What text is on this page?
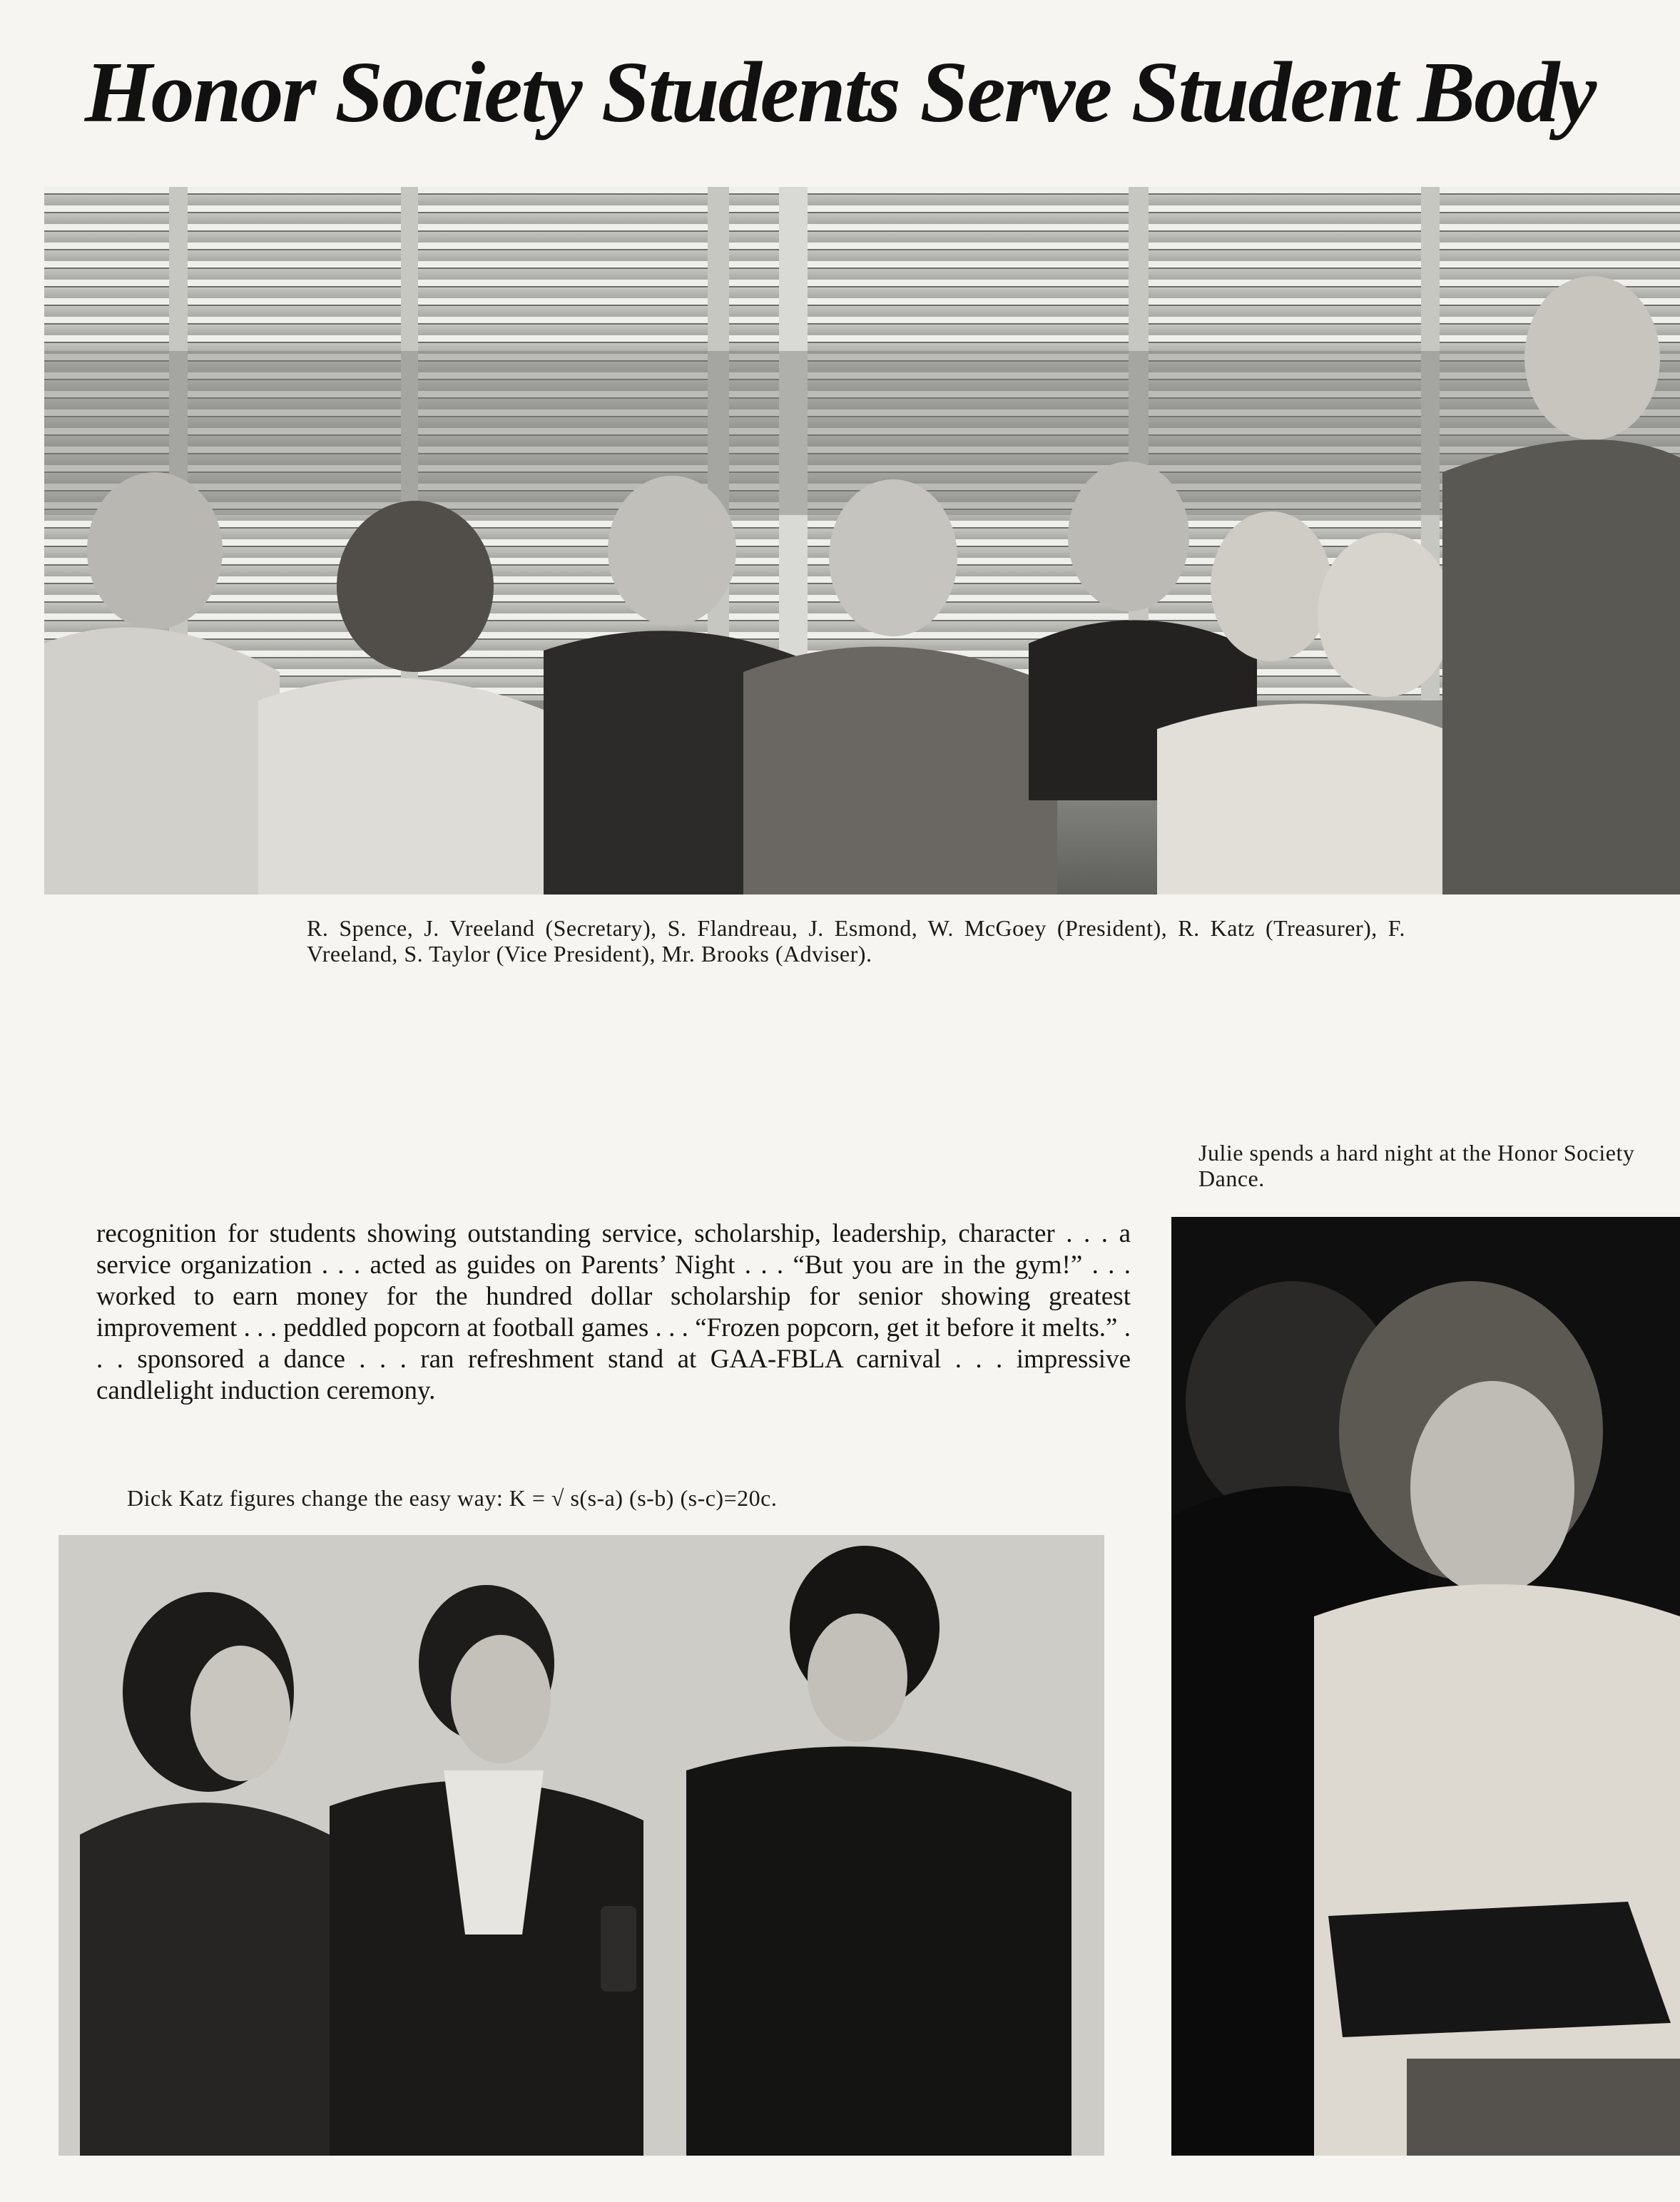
Honor Society Students Serve Student Body
R. Spence, J. Vreeland (Secretary), S. Flandreau, J. Esmond, W. McGoey (President), R. Katz (Treasurer), F. Vreeland, S. Taylor (Vice President), Mr. Brooks (Adviser).
Julie spends a hard night at the Honor Society Dance.
recognition for students showing outstanding service, scholarship, leadership, character . . . a service organization . . . acted as guides on Parents’ Night . . . “But you are in the gym!” . . . worked to earn money for the hundred dollar scholarship for senior showing greatest improvement . . . peddled popcorn at football games . . . “Frozen popcorn, get it before it melts.” . . . sponsored a dance . . . ran refreshment stand at GAA-FBLA carnival . . . impressive candlelight induction ceremony.
Dick Katz figures change the easy way: K = √ s(s-a) (s-b) (s-c)=20c.
